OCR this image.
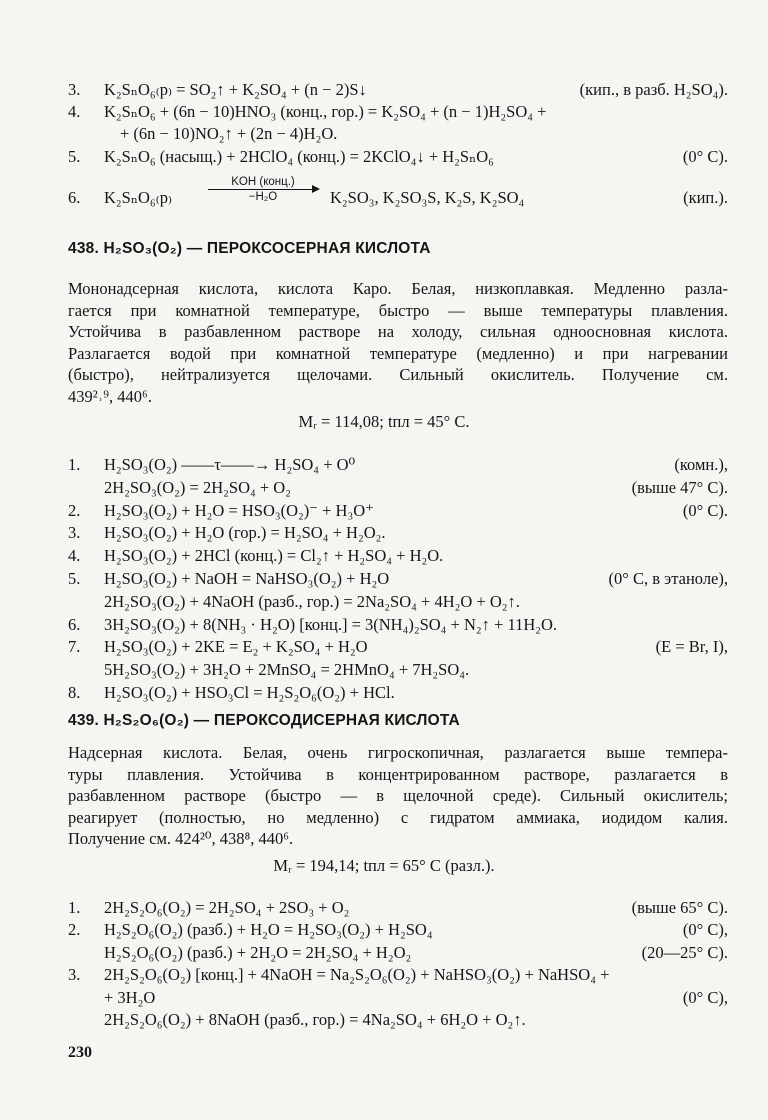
3.	K₂SₙO₆₍р₎ = SO₂↑ + K₂SO₄ + (n − 2)S↓	(кип., в разб. H₂SO₄).
4.	K₂SₙO₆ + (6n − 10)HNO₃ (конц., гор.) = K₂SO₄ + (n − 1)H₂SO₄ +
+ (6n − 10)NO₂↑ + (2n − 4)H₂O.
5.	K₂SₙO₆ (насыщ.) + 2HClO₄ (конц.) = 2KClO₄↓ + H₂SₙO₆	(0° C).
6.	K₂SₙO₆₍р₎
KOH (конц.)
−H₂O	K₂SO₃, K₂SO₃S, K₂S, K₂SO₄	(кип.).
438. H₂SO₃(O₂) — ПЕРОКСОСЕРНАЯ КИСЛОТА
Мононадсерная кислота, кислота Каро. Белая, низкоплавкая. Медленно разла-
гается при комнатной температуре, быстро — выше температуры плавления.
Устойчива в разбавленном растворе на холоду, сильная одноосновная кислота.
Разлагается водой при комнатной температуре (медленно) и при нагревании
(быстро), нейтрализуется щелочами. Сильный окислитель. Получение см.
439²˒⁹, 440⁶.
Mᵣ = 114,08; tпл = 45° C.
1.	H₂SO₃(O₂) ——τ——→ H₂SO₄ + O⁰	(комн.),
2H₂SO₃(O₂) = 2H₂SO₄ + O₂	(выше 47° C).
2.	H₂SO₃(O₂) + H₂O = HSO₃(O₂)⁻ + H₃O⁺	(0° C).
3.	H₂SO₃(O₂) + H₂O (гор.) = H₂SO₄ + H₂O₂.
4.	H₂SO₃(O₂) + 2HCl (конц.) = Cl₂↑ + H₂SO₄ + H₂O.
5.	H₂SO₃(O₂) + NaOH = NaHSO₃(O₂) + H₂O	(0° C, в этаноле),
2H₂SO₃(O₂) + 4NaOH (разб., гор.) = 2Na₂SO₄ + 4H₂O + O₂↑.
6.	3H₂SO₃(O₂) + 8(NH₃ · H₂O) [конц.] = 3(NH₄)₂SO₄ + N₂↑ + 11H₂O.
7.	H₂SO₃(O₂) + 2KE = E₂ + K₂SO₄ + H₂O	(E = Br, I),
5H₂SO₃(O₂) + 3H₂O + 2MnSO₄ = 2HMnO₄ + 7H₂SO₄.
8.	H₂SO₃(O₂) + HSO₃Cl = H₂S₂O₆(O₂) + HCl.
439. H₂S₂O₆(O₂) — ПЕРОКСОДИСЕРНАЯ КИСЛОТА
Надсерная кислота. Белая, очень гигроскопичная, разлагается выше темпера-
туры плавления. Устойчива в концентрированном растворе, разлагается в
разбавленном растворе (быстро — в щелочной среде). Сильный окислитель;
реагирует (полностью, но медленно) с гидратом аммиака, иодидом калия.
Получение см. 424²⁰, 438⁸, 440⁶.
Mᵣ = 194,14; tпл = 65° C (разл.).
1.	2H₂S₂O₆(O₂) = 2H₂SO₄ + 2SO₃ + O₂	(выше 65° C).
2.	H₂S₂O₆(O₂) (разб.) + H₂O = H₂SO₃(O₂) + H₂SO₄	(0° C),
H₂S₂O₆(O₂) (разб.) + 2H₂O = 2H₂SO₄ + H₂O₂	(20—25° C).
3.	2H₂S₂O₆(O₂) [конц.] + 4NaOH = Na₂S₂O₆(O₂) + NaHSO₃(O₂) + NaHSO₄ +
+ 3H₂O	(0° C),
2H₂S₂O₆(O₂) + 8NaOH (разб., гор.) = 4Na₂SO₄ + 6H₂O + O₂↑.
230
